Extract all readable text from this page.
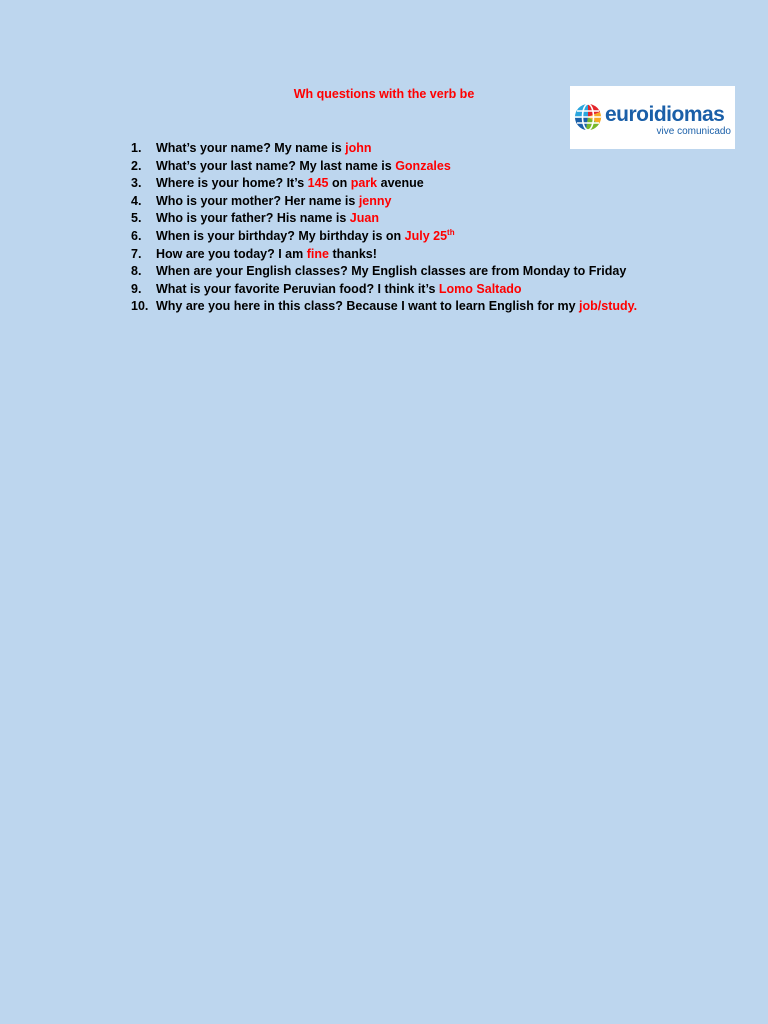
Wh questions with the verb be
euroidiomas
vive comunicado
1. What’s your name? My name is john
2. What’s your last name? My last name is Gonzales
3. Where is your home? It’s 145 on park avenue
4. Who is your mother? Her name is jenny
5. Who is your father? His name is Juan
6. When is your birthday? My birthday is on July 25th
7. How are you today? I am fine thanks!
8. When are your English classes? My English classes are from Monday to Friday
9. What is your favorite Peruvian food? I think it’s Lomo Saltado
10. Why are you here in this class? Because I want to learn English for my job/study.
